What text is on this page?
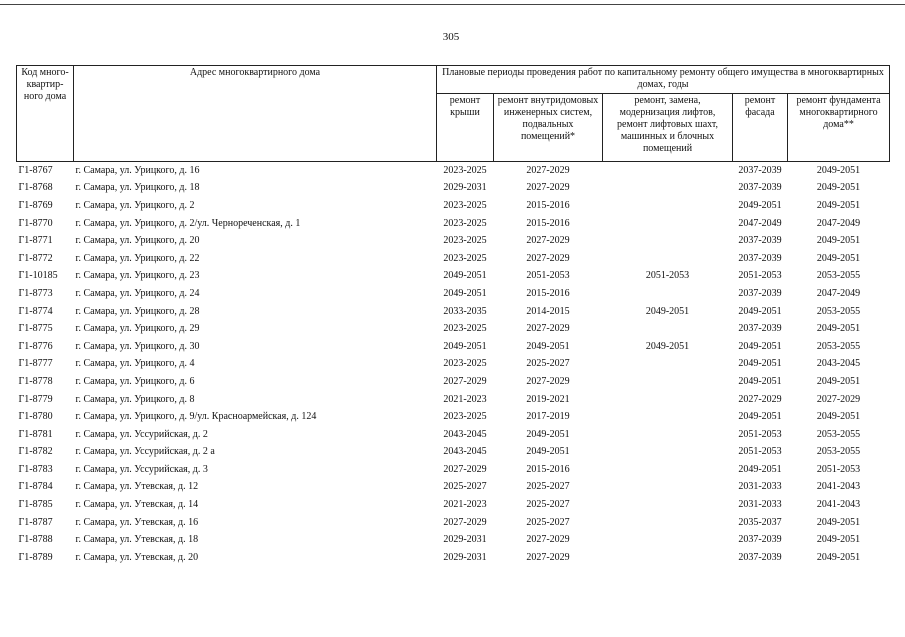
305
Код много-квартир-ного дома	Адрес многоквартирного дома	Плановые периоды проведения работ по капитальному ремонту общего имущества в многоквартирных домах, годы				
		ремонт крыши	ремонт внутридомовых инженерных систем, подвальных помещений*	ремонт, замена, модернизация лифтов, ремонт лифтовых шахт, машинных и блочных помещений	ремонт фасада	ремонт фундамента многоквартирного дома**
Г1-8767	г. Самара, ул. Урицкого, д. 16	2023-2025	2027-2029		2037-2039	2049-2051
Г1-8768	г. Самара, ул. Урицкого, д. 18	2029-2031	2027-2029		2037-2039	2049-2051
Г1-8769	г. Самара, ул. Урицкого, д. 2	2023-2025	2015-2016		2049-2051	2049-2051
Г1-8770	г. Самара, ул. Урицкого, д. 2/ул. Чернореченская, д. 1	2023-2025	2015-2016		2047-2049	2047-2049
Г1-8771	г. Самара, ул. Урицкого, д. 20	2023-2025	2027-2029		2037-2039	2049-2051
Г1-8772	г. Самара, ул. Урицкого, д. 22	2023-2025	2027-2029		2037-2039	2049-2051
Г1-10185	г. Самара, ул. Урицкого, д. 23	2049-2051	2051-2053	2051-2053	2051-2053	2053-2055
Г1-8773	г. Самара, ул. Урицкого, д. 24	2049-2051	2015-2016		2037-2039	2047-2049
Г1-8774	г. Самара, ул. Урицкого, д. 28	2033-2035	2014-2015	2049-2051	2049-2051	2053-2055
Г1-8775	г. Самара, ул. Урицкого, д. 29	2023-2025	2027-2029		2037-2039	2049-2051
Г1-8776	г. Самара, ул. Урицкого, д. 30	2049-2051	2049-2051	2049-2051	2049-2051	2053-2055
Г1-8777	г. Самара, ул. Урицкого, д. 4	2023-2025	2025-2027		2049-2051	2043-2045
Г1-8778	г. Самара, ул. Урицкого, д. 6	2027-2029	2027-2029		2049-2051	2049-2051
Г1-8779	г. Самара, ул. Урицкого, д. 8	2021-2023	2019-2021		2027-2029	2027-2029
Г1-8780	г. Самара, ул. Урицкого, д. 9/ул. Красноармейская, д. 124	2023-2025	2017-2019		2049-2051	2049-2051
Г1-8781	г. Самара, ул. Уссурийская, д. 2	2043-2045	2049-2051		2051-2053	2053-2055
Г1-8782	г. Самара, ул. Уссурийская, д. 2 а	2043-2045	2049-2051		2051-2053	2053-2055
Г1-8783	г. Самара, ул. Уссурийская, д. 3	2027-2029	2015-2016		2049-2051	2051-2053
Г1-8784	г. Самара, ул. Утевская, д. 12	2025-2027	2025-2027		2031-2033	2041-2043
Г1-8785	г. Самара, ул. Утевская, д. 14	2021-2023	2025-2027		2031-2033	2041-2043
Г1-8787	г. Самара, ул. Утевская, д. 16	2027-2029	2025-2027		2035-2037	2049-2051
Г1-8788	г. Самара, ул. Утевская, д. 18	2029-2031	2027-2029		2037-2039	2049-2051
Г1-8789	г. Самара, ул. Утевская, д. 20	2029-2031	2027-2029		2037-2039	2049-2051
